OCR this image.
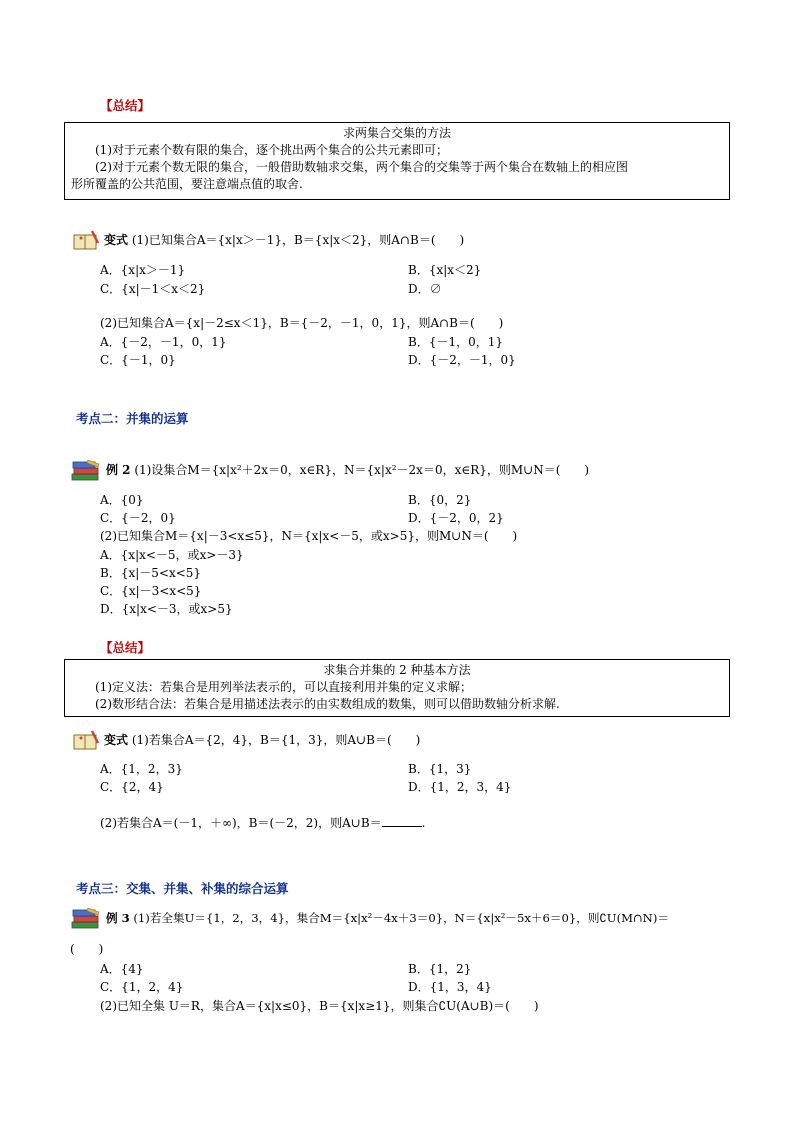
【总结】
求两集合交集的方法
(1)对于元素个数有限的集合，逐个挑出两个集合的公共元素即可；
(2)对于元素个数无限的集合，一般借助数轴求交集，两个集合的交集等于两个集合在数轴上的相应图
形所覆盖的公共范围，要注意端点值的取舍.
变式 (1)已知集合A＝{x|x＞－1}，B＝{x|x＜2}，则A∩B＝(　　)
A．{x|x＞－1}	B．{x|x＜2}
C．{x|－1＜x＜2}	D．∅
(2)已知集合A＝{x|－2≤x＜1}，B＝{－2，－1，0，1}，则A∩B＝(　　)
A．{－2，－1，0，1}	B．{－1，0，1}
C．{－1，0}	D．{－2，－1，0}
考点二：并集的运算
例 2 (1)设集合M＝{x|x²＋2x＝0，x∈R}，N＝{x|x²－2x＝0，x∈R}，则M∪N＝(　　)
A．{0}	B．{0，2}
C．{－2，0}	D．{－2，0，2}
(2)已知集合M＝{x|－3<x≤5}，N＝{x|x<－5，或x>5}，则M∪N＝(　　)
A．{x|x<－5，或x>－3}
B．{x|－5<x<5}
C．{x|－3<x<5}
D．{x|x<－3，或x>5}
【总结】
求集合并集的 2 种基本方法
(1)定义法：若集合是用列举法表示的，可以直接利用并集的定义求解；
(2)数形结合法：若集合是用描述法表示的由实数组成的数集，则可以借助数轴分析求解.
变式 (1)若集合A＝{2，4}，B＝{1，3}，则A∪B＝(　　)
A．{1，2，3}	B．{1，3}
C．{2，4}	D．{1，2，3，4}
(2)若集合A＝(－1，＋∞)，B＝(－2，2)，则A∪B＝	.
考点三：交集、并集、补集的综合运算
例 3 (1)若全集U＝{1，2，3，4}，集合M＝{x|x²－4x＋3＝0}，N＝{x|x²－5x＋6＝0}，则∁U(M∩N)＝
(　　)
A．{4}	B．{1，2}
C．{1，2，4}	D．{1，3，4}
(2)已知全集 U＝R，集合A＝{x|x≤0}，B＝{x|x≥1}，则集合∁U(A∪B)＝(　　)
